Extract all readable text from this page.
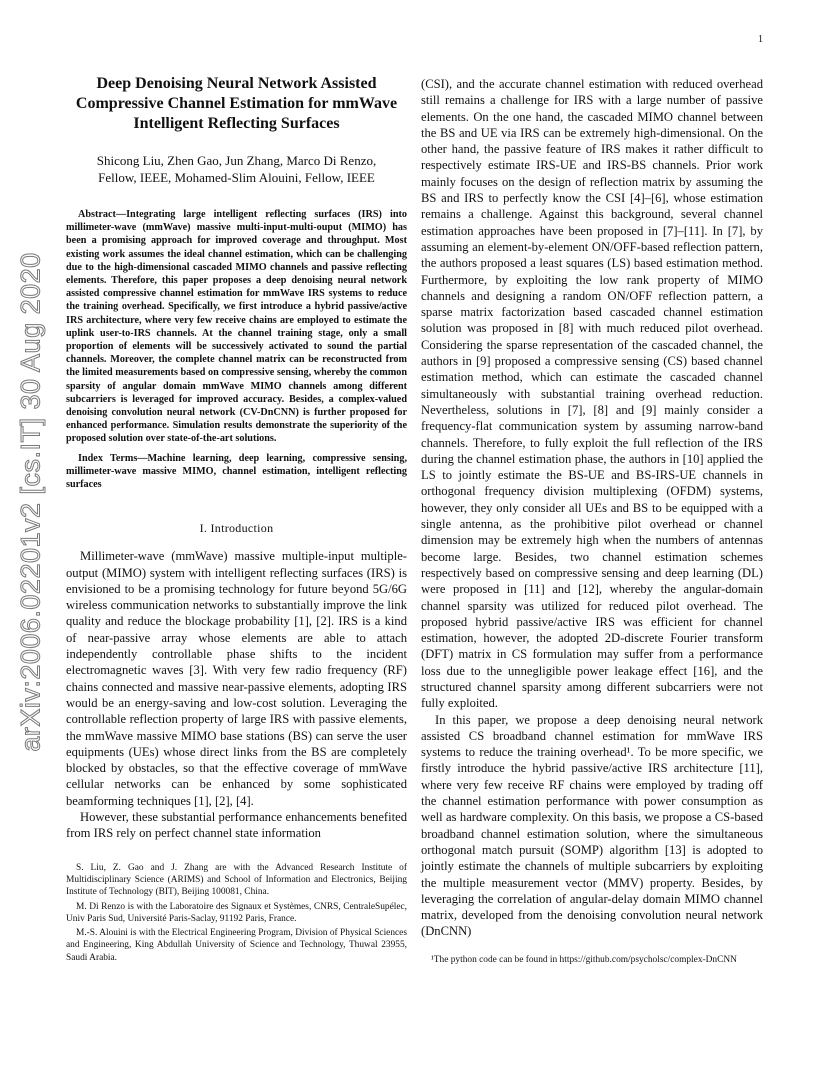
1
arXiv:2006.02201v2 [cs.IT] 30 Aug 2020
Deep Denoising Neural Network Assisted Compressive Channel Estimation for mmWave Intelligent Reflecting Surfaces
Shicong Liu, Zhen Gao, Jun Zhang, Marco Di Renzo, Fellow, IEEE, Mohamed-Slim Alouini, Fellow, IEEE

Abstract—Integrating large intelligent reflecting surfaces (IRS) into millimeter-wave (mmWave) massive multi-input-multi-ouput (MIMO) has been a promising approach for improved coverage and throughput. Most existing work assumes the ideal channel estimation, which can be challenging due to the high-dimensional cascaded MIMO channels and passive reflecting elements. Therefore, this paper proposes a deep denoising neural network assisted compressive channel estimation for mmWave IRS systems to reduce the training overhead. Specifically, we first introduce a hybrid passive/active IRS architecture, where very few receive chains are employed to estimate the uplink user-to-IRS channels. At the channel training stage, only a small proportion of elements will be successively activated to sound the partial channels. Moreover, the complete channel matrix can be reconstructed from the limited measurements based on compressive sensing, whereby the common sparsity of angular domain mmWave MIMO channels among different subcarriers is leveraged for improved accuracy. Besides, a complex-valued denoising convolution neural network (CV-DnCNN) is further proposed for enhanced performance. Simulation results demonstrate the superiority of the proposed solution over state-of-the-art solutions.

Index Terms—Machine learning, deep learning, compressive sensing, millimeter-wave massive MIMO, channel estimation, intelligent reflecting surfaces

I. Introduction

Millimeter-wave (mmWave) massive multiple-input multiple-output (MIMO) system with intelligent reflecting surfaces (IRS) is envisioned to be a promising technology for future beyond 5G/6G wireless communication networks to substantially improve the link quality and reduce the blockage probability [1], [2]. IRS is a kind of near-passive array whose elements are able to attach independently controllable phase shifts to the incident electromagnetic waves [3]. With very few radio frequency (RF) chains connected and massive near-passive elements, adopting IRS would be an energy-saving and low-cost solution. Leveraging the controllable reflection property of large IRS with passive elements, the mmWave massive MIMO base stations (BS) can serve the user equipments (UEs) whose direct links from the BS are completely blocked by obstacles, so that the effective coverage of mmWave cellular networks can be enhanced by some sophisticated beamforming techniques [1], [2], [4].

However, these substantial performance enhancements benefited from IRS rely on perfect channel state information

S. Liu, Z. Gao and J. Zhang are with the Advanced Research Institute of Multidisciplinary Science (ARIMS) and School of Information and Electronics, Beijing Institute of Technology (BIT), Beijing 100081, China.

M. Di Renzo is with the Laboratoire des Signaux et Systèmes, CNRS, CentraleSupélec, Univ Paris Sud, Université Paris-Saclay, 91192 Paris, France.

M.-S. Alouini is with the Electrical Engineering Program, Division of Physical Sciences and Engineering, King Abdullah University of Science and Technology, Thuwal 23955, Saudi Arabia.

(CSI), and the accurate channel estimation with reduced overhead still remains a challenge for IRS with a large number of passive elements. On the one hand, the cascaded MIMO channel between the BS and UE via IRS can be extremely high-dimensional. On the other hand, the passive feature of IRS makes it rather difficult to respectively estimate IRS-UE and IRS-BS channels. Prior work mainly focuses on the design of reflection matrix by assuming the BS and IRS to perfectly know the CSI [4]–[6], whose estimation remains a challenge. Against this background, several channel estimation approaches have been proposed in [7]–[11]. In [7], by assuming an element-by-element ON/OFF-based reflection pattern, the authors proposed a least squares (LS) based estimation method. Furthermore, by exploiting the low rank property of MIMO channels and designing a random ON/OFF reflection pattern, a sparse matrix factorization based cascaded channel estimation solution was proposed in [8] with much reduced pilot overhead. Considering the sparse representation of the cascaded channel, the authors in [9] proposed a compressive sensing (CS) based channel estimation method, which can estimate the cascaded channel simultaneously with substantial training overhead reduction. Nevertheless, solutions in [7], [8] and [9] mainly consider a frequency-flat communication system by assuming narrow-band channels. Therefore, to fully exploit the full reflection of the IRS during the channel estimation phase, the authors in [10] applied the LS to jointly estimate the BS-UE and BS-IRS-UE channels in orthogonal frequency division multiplexing (OFDM) systems, however, they only consider all UEs and BS to be equipped with a single antenna, as the prohibitive pilot overhead or channel dimension may be extremely high when the numbers of antennas become large. Besides, two channel estimation schemes respectively based on compressive sensing and deep learning (DL) were proposed in [11] and [12], whereby the angular-domain channel sparsity was utilized for reduced pilot overhead. The proposed hybrid passive/active IRS was efficient for channel estimation, however, the adopted 2D-discrete Fourier transform (DFT) matrix in CS formulation may suffer from a performance loss due to the unnegligible power leakage effect [16], and the structured channel sparsity among different subcarriers were not fully exploited.

In this paper, we propose a deep denoising neural network assisted CS broadband channel estimation for mmWave IRS systems to reduce the training overhead¹. To be more specific, we firstly introduce the hybrid passive/active IRS architecture [11], where very few receive RF chains were employed by trading off the channel estimation performance with power consumption as well as hardware complexity. On this basis, we propose a CS-based broadband channel estimation solution, where the simultaneous orthogonal match pursuit (SOMP) algorithm [13] is adopted to jointly estimate the channels of multiple subcarriers by exploiting the multiple measurement vector (MMV) property. Besides, by leveraging the correlation of angular-delay domain MIMO channel matrix, developed from the denoising convolution neural network (DnCNN)

¹The python code can be found in https://github.com/psycholsc/complex-DnCNN
